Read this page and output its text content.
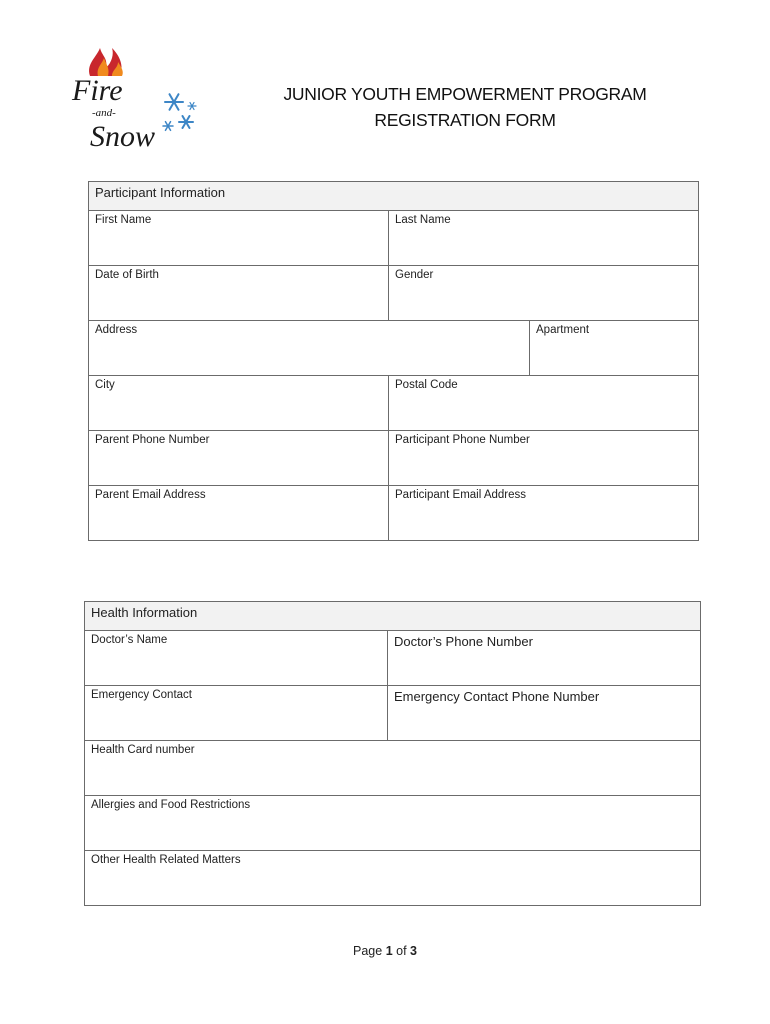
Fire
-and-
Snow
JUNIOR YOUTH EMPOWERMENT PROGRAM
REGISTRATION FORM
Participant Information		

First Name	Last Name	

Date of Birth	Gender	

Address		Apartment

City	Postal Code	

Parent Phone Number	Participant Phone Number	

Parent Email Address	Participant Email Address	
Health Information	

Doctor’s Name	Doctor’s Phone Number

Emergency Contact	Emergency Contact Phone Number

Health Card number	

Allergies and Food Restrictions	

Other Health Related Matters	
Page 1 of 3
